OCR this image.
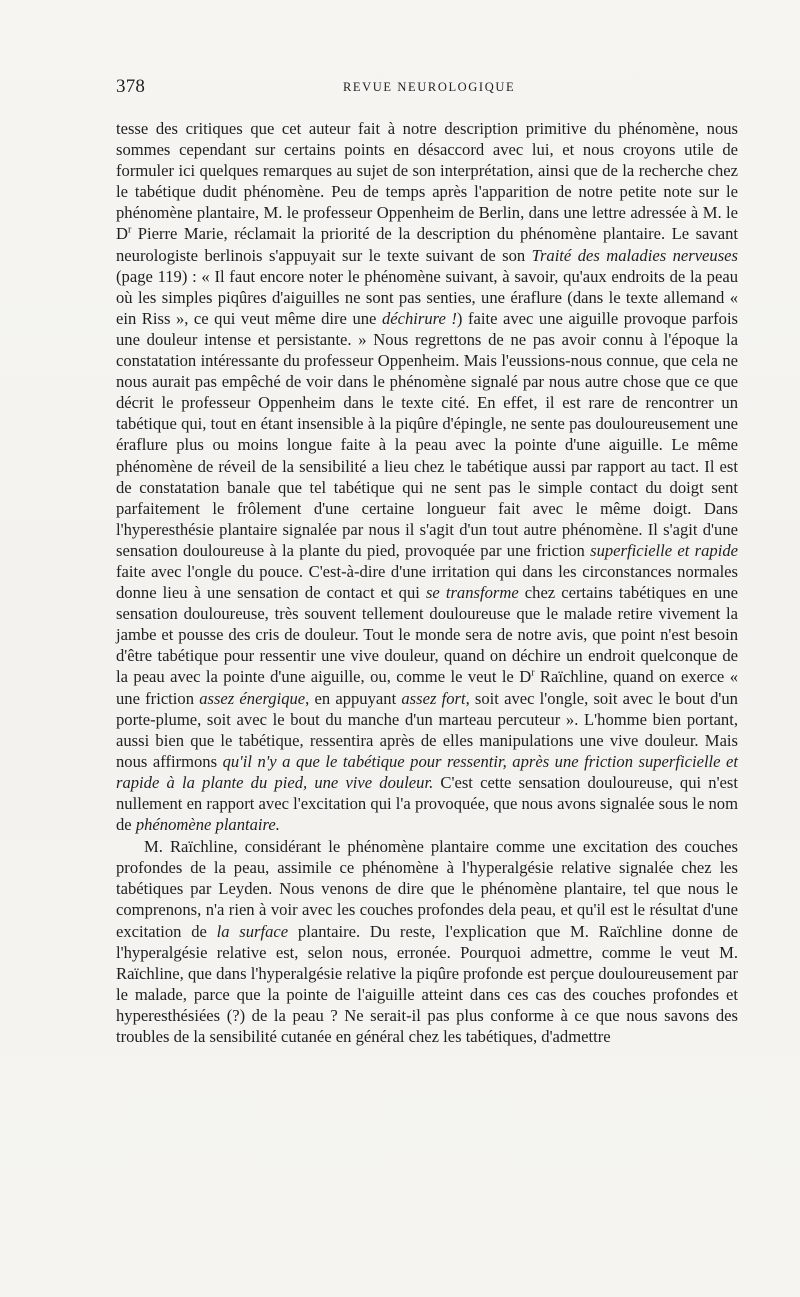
378	REVUE NEUROLOGIQUE

tesse des critiques que cet auteur fait à notre description primitive du phénomène, nous sommes cependant sur certains points en désaccord avec lui, et nous croyons utile de formuler ici quelques remarques au sujet de son interprétation, ainsi que de la recherche chez le tabétique dudit phénomène. Peu de temps après l'apparition de notre petite note sur le phénomène plantaire, M. le professeur Oppenheim de Berlin, dans une lettre adressée à M. le $D^r$ Pierre Marie, réclamait la priorité de la description du phénomène plantaire. Le savant neurologiste berlinois s'appuyait sur le texte suivant de son Traité des maladies nerveuses (page 119) : « Il faut encore noter le phénomène suivant, à savoir, qu'aux endroits de la peau où les simples piqûres d'aiguilles ne sont pas senties, une éraflure (dans le texte allemand « ein Riss », ce qui veut même dire une déchirure !) faite avec une aiguille provoque parfois une douleur intense et persistante. » Nous regrettons de ne pas avoir connu à l'époque la constatation intéressante du professeur Oppenheim. Mais l'eussions-nous connue, que cela ne nous aurait pas empêché de voir dans le phénomène signalé par nous autre chose que ce que décrit le professeur Oppenheim dans le texte cité. En effet, il est rare de rencontrer un tabétique qui, tout en étant insensible à la piqûre d'épingle, ne sente pas douloureusement une éraflure plus ou moins longue faite à la peau avec la pointe d'une aiguille. Le même phénomène de réveil de la sensibilité a lieu chez le tabétique aussi par rapport au tact. Il est de constatation banale que tel tabétique qui ne sent pas le simple contact du doigt sent parfaitement le frôlement d'une certaine longueur fait avec le même doigt. Dans l'hyperesthésie plantaire signalée par nous il s'agit d'un tout autre phénomène. Il s'agit d'une sensation douloureuse à la plante du pied, provoquée par une friction superficielle et rapide faite avec l'ongle du pouce. C'est-à-dire d'une irritation qui dans les circonstances normales donne lieu à une sensation de contact et qui se transforme chez certains tabétiques en une sensation douloureuse, très souvent tellement douloureuse que le malade retire vivement la jambe et pousse des cris de douleur. Tout le monde sera de notre avis, que point n'est besoin d'être tabétique pour ressentir une vive douleur, quand on déchire un endroit quelconque de la peau avec la pointe d'une aiguille, ou, comme le veut le $D^r$ Raïchline, quand on exerce « une friction assez énergique, en appuyant assez fort, soit avec l'ongle, soit avec le bout d'un porte-plume, soit avec le bout du manche d'un marteau percuteur ». L'homme bien portant, aussi bien que le tabétique, ressentira après de elles manipulations une vive douleur. Mais nous affirmons qu'il n'y a que le tabétique pour ressentir, après une friction superficielle et rapide à la plante du pied, une vive douleur. C'est cette sensation douloureuse, qui n'est nullement en rapport avec l'excitation qui l'a provoquée, que nous avons signalée sous le nom de phénomène plantaire.

M. Raïchline, considérant le phénomène plantaire comme une excitation des couches profondes de la peau, assimile ce phénomène à l'hyperalgésie relative signalée chez les tabétiques par Leyden. Nous venons de dire que le phénomène plantaire, tel que nous le comprenons, n'a rien à voir avec les couches profondes dela peau, et qu'il est le résultat d'une excitation de la surface plantaire. Du reste, l'explication que M. Raïchline donne de l'hyperalgésie relative est, selon nous, erronée. Pourquoi admettre, comme le veut M. Raïchline, que dans l'hyperalgésie relative la piqûre profonde est perçue douloureusement par le malade, parce que la pointe de l'aiguille atteint dans ces cas des couches profondes et hyperesthésiées (?) de la peau ? Ne serait-il pas plus conforme à ce que nous savons des troubles de la sensibilité cutanée en général chez les tabétiques, d'admettre
